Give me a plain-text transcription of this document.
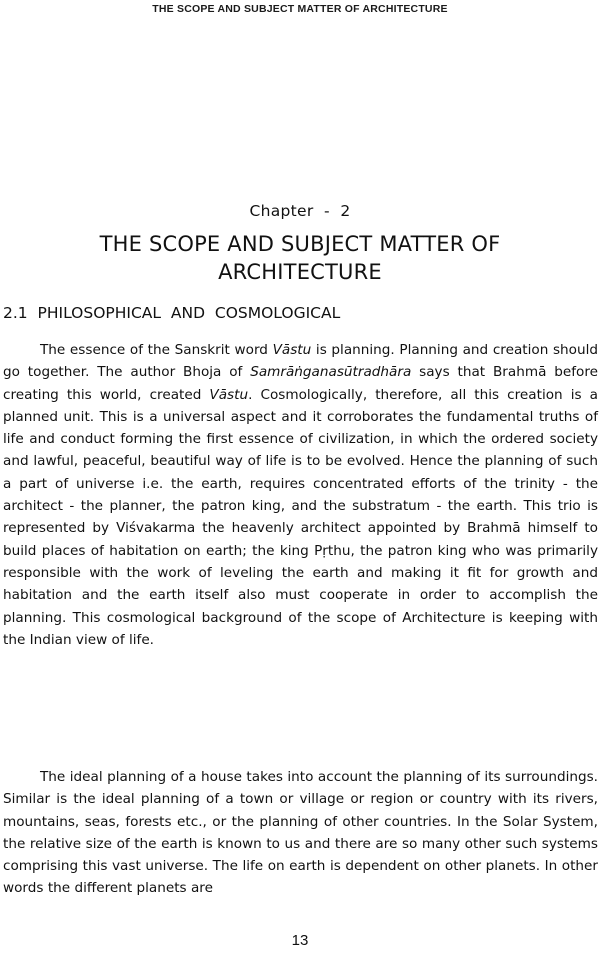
THE SCOPE AND SUBJECT MATTER OF ARCHITECTURE
Chapter  -  2
THE SCOPE AND SUBJECT MATTER OF
ARCHITECTURE
2.1  PHILOSOPHICAL  AND  COSMOLOGICAL

The essence of the Sanskrit word Vāstu is planning. Planning and creation should go together. The author Bhoja of Samrāṅganasūtradhāra says that Brahmā before creating this world, created Vāstu. Cosmologically, therefore, all this creation is a planned unit. This is a universal aspect and it corroborates the fundamental truths of life and conduct forming the first essence of civilization, in which the ordered society and lawful, peaceful, beautiful way of life is to be evolved. Hence the planning of such a part of universe i.e. the earth, requires concentrated efforts of the trinity - the architect - the planner, the patron king, and the substratum - the earth. This trio is represented by Viśvakarma the heavenly architect appointed by Brahmā himself to build places of habitation on earth; the king Pṛthu, the patron king who was primarily responsible with the work of leveling the earth and making it fit for growth and habitation and the earth itself also must cooperate in order to accomplish the planning. This cosmological background of the scope of Architecture is keeping with the Indian view of life.

The ideal planning of a house takes into account the planning of its surroundings. Similar is the ideal planning of a town or village or region or country with its rivers, mountains, seas, forests etc., or the planning of other countries. In the Solar System, the relative size of the earth is known to us and there are so many other such systems comprising this vast universe. The life on earth is dependent on other planets. In other words the different planets are

13
